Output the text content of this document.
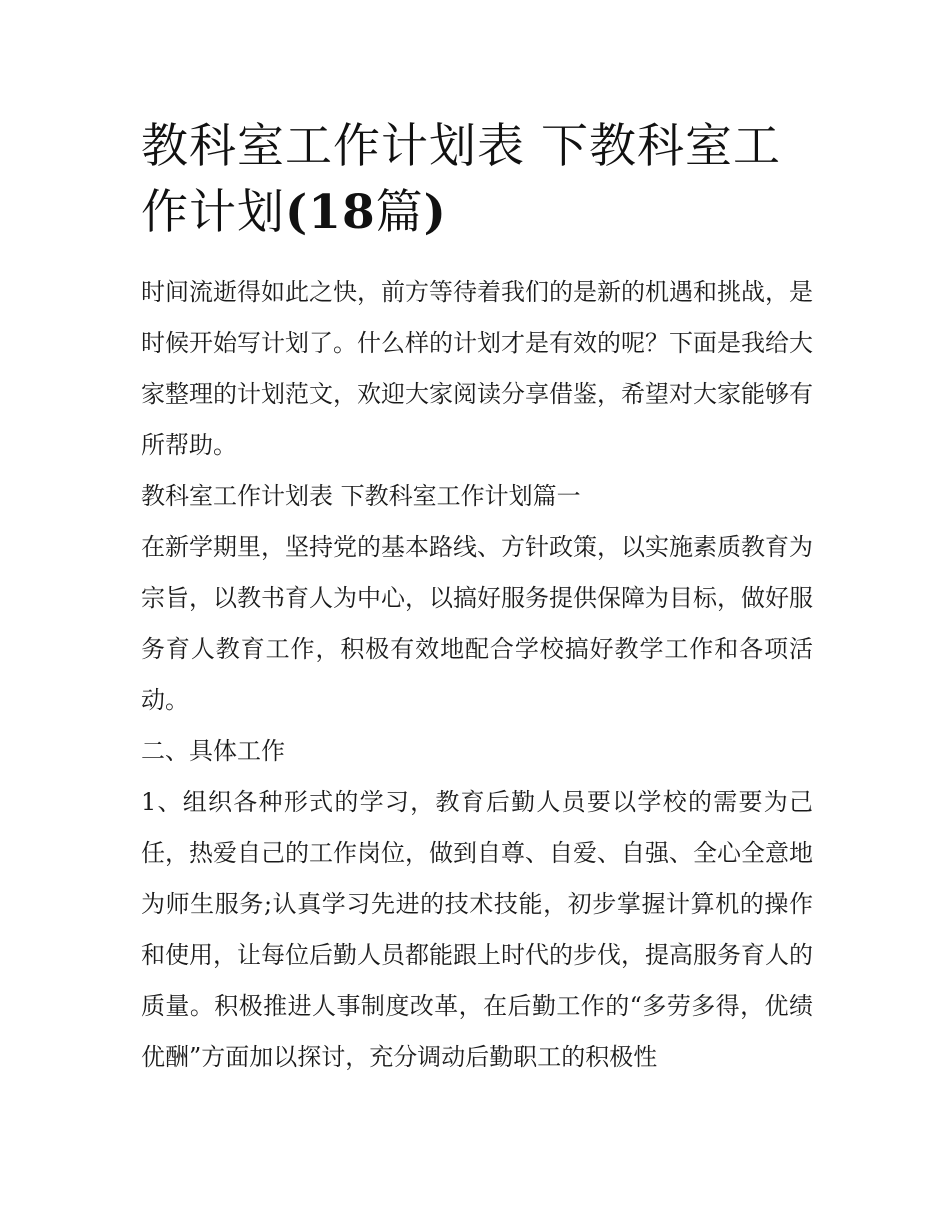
教科室工作计划表 下教科室工作计划(18篇)

时间流逝得如此之快，前方等待着我们的是新的机遇和挑战，是时候开始写计划了。什么样的计划才是有效的呢？下面是我给大家整理的计划范文，欢迎大家阅读分享借鉴，希望对大家能够有所帮助。

教科室工作计划表 下教科室工作计划篇一

在新学期里，坚持党的基本路线、方针政策，以实施素质教育为宗旨，以教书育人为中心，以搞好服务提供保障为目标，做好服务育人教育工作，积极有效地配合学校搞好教学工作和各项活动。

二、具体工作

1、组织各种形式的学习，教育后勤人员要以学校的需要为己任，热爱自己的工作岗位，做到自尊、自爱、自强、全心全意地为师生服务;认真学习先进的技术技能，初步掌握计算机的操作和使用，让每位后勤人员都能跟上时代的步伐，提高服务育人的质量。积极推进人事制度改革，在后勤工作的“多劳多得，优绩优酬”方面加以探讨，充分调动后勤职工的积极性
